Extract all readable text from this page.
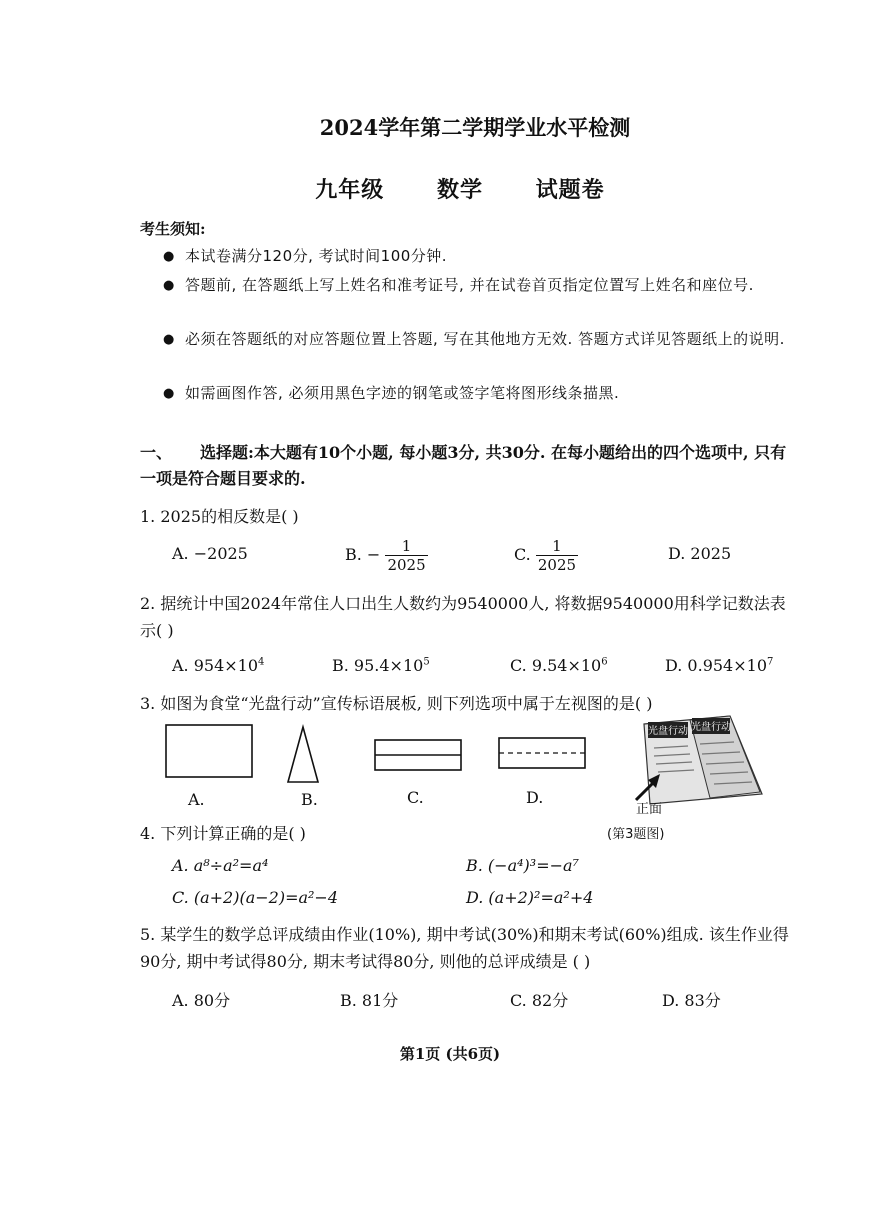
2024学年第二学期学业水平检测
九年级 数学 试题卷
考生须知:
● 本试卷满分120分, 考试时间100分钟.
● 答题前, 在答题纸上写上姓名和准考证号, 并在试卷首页指定位置写上姓名和座位号.
● 必须在答题纸的对应答题位置上答题, 写在其他地方无效. 答题方式详见答题纸上的说明.
● 如需画图作答, 必须用黑色字迹的钢笔或签字笔将图形线条描黑.
一、 选择题:本大题有10个小题, 每小题3分, 共30分. 在每小题给出的四个选项中, 只有一项是符合题目要求的.
1. 2025的相反数是( )
A. −2025	B. − $\frac{1}{2025}$	C. $\frac{1}{2025}$	D. 2025
2. 据统计中国2024年常住人口出生人数约为9540000人, 将数据9540000用科学记数法表示( )
A. $954\times 10^4$	B. $95.4\times 10^5$	C. $9.54\times 10^6$	D. $0.954\times 10^7$
3. 如图为食堂“光盘行动”宣传标语展板, 则下列选项中属于左视图的是( )
A.	B.	C.	D.
光盘行动 光盘行动
正面
(第3题图)
4. 下列计算正确的是( )
A. a⁸÷a²=a⁴	B. (−a⁴)³=−a⁷
C. (a+2)(a−2)=a²−4	D. (a+2)²=a²+4
5. 某学生的数学总评成绩由作业(10%), 期中考试(30%)和期末考试(60%)组成. 该生作业得90分, 期中考试得80分, 期末考试得80分, 则他的总评成绩是 ( )
A. 80分	B. 81分	C. 82分	D. 83分
第1页 (共6页)
